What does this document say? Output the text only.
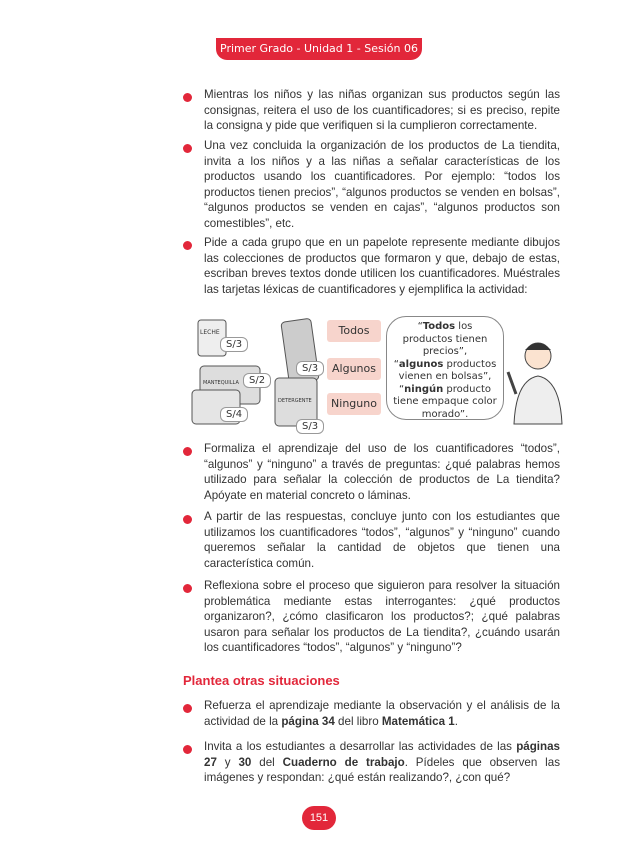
Primer Grado - Unidad 1 - Sesión 06
Mientras los niños y las niñas organizan sus productos según las consignas, reitera el uso de los cuantificadores; si es preciso, repite la consigna y pide que verifiquen si la cumplieron correctamente.
Una vez concluida la organización de los productos de La tiendita, invita a los niños y a las niñas a señalar características de los productos usando los cuantificadores. Por ejemplo: “todos los productos tienen precios”, “algunos productos se venden en bolsas”, “algunos productos se venden en cajas”, “algunos productos son comestibles”, etc.
Pide a cada grupo que en un papelote represente mediante dibujos las colecciones de productos que formaron y que, debajo de estas, escriban breves textos donde utilicen los cuantificadores. Muéstrales las tarjetas léxicas de cuantificadores y ejemplifica la actividad:
LECHE
MANTEQUILLA
DETERGENTE
S/3
S/3
S/2
S/4
S/3
Todos
Algunos
Ninguno
“Todos los productos tienen precios”,
“algunos productos vienen en bolsas”,
“ningún producto tiene empaque color morado”.
Formaliza el aprendizaje del uso de los cuantificadores “todos”, “algunos” y “ninguno” a través de preguntas: ¿qué palabras hemos utilizado para señalar la colección de productos de La tiendita? Apóyate en material concreto o láminas.
A partir de las respuestas, concluye junto con los estudiantes que utilizamos los cuantificadores “todos”, “algunos” y “ninguno” cuando queremos señalar la cantidad de objetos que tienen una característica común.
Reflexiona sobre el proceso que siguieron para resolver la situación problemática mediante estas interrogantes: ¿qué productos organizaron?, ¿cómo clasificaron los productos?; ¿qué palabras usaron para señalar los productos de La tiendita?, ¿cuándo usarán los cuantificadores “todos”, “algunos” y “ninguno”?
Plantea otras situaciones
Refuerza el aprendizaje mediante la observación y el análisis de la actividad de la página 34 del libro Matemática 1.
Invita a los estudiantes a desarrollar las actividades de las páginas 27 y 30 del Cuaderno de trabajo. Pídeles que observen las imágenes y respondan: ¿qué están realizando?, ¿con qué?
151
